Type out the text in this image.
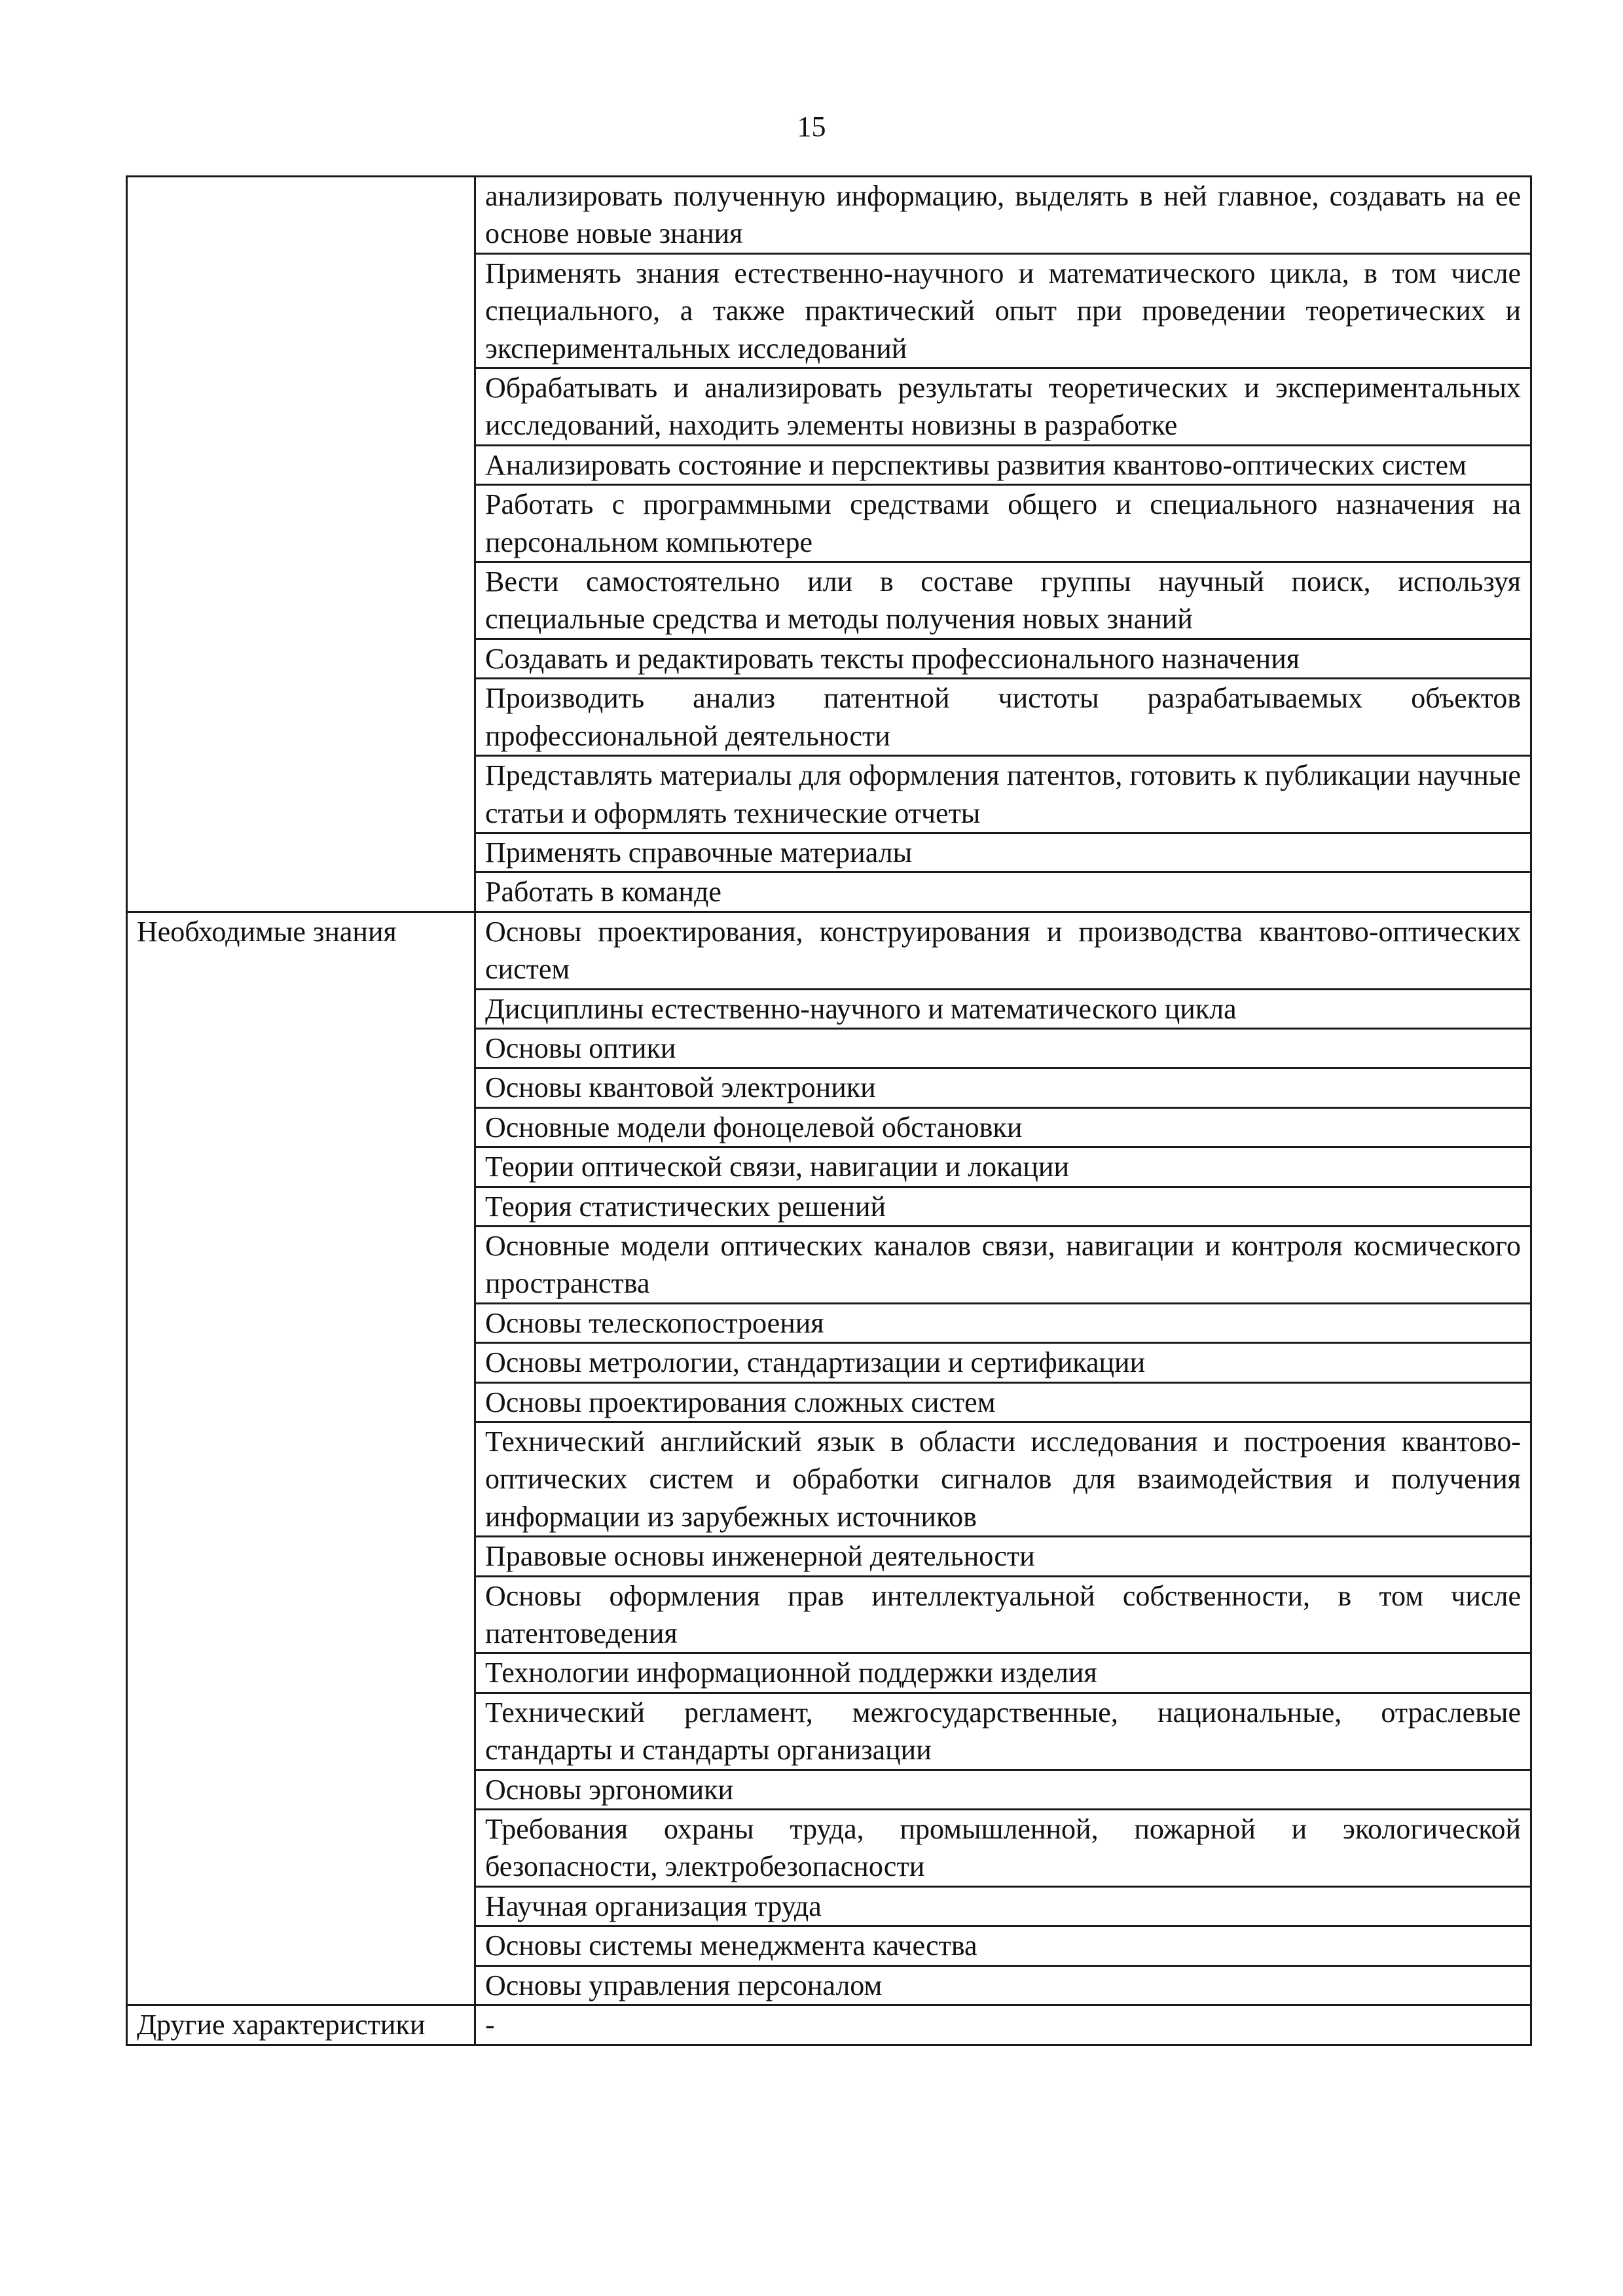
15

	анализировать полученную информацию, выделять в ней главное, создавать на ее основе новые знания

	Применять знания естественно-научного и математического цикла, в том числе специального, а также практический опыт при проведении теоретических и экспериментальных исследований

	Обрабатывать и анализировать результаты теоретических и экспериментальных исследований, находить элементы новизны в разработке

	Анализировать состояние и перспективы развития квантово-оптических систем

	Работать с программными средствами общего и специального назначения на персональном компьютере

	Вести самостоятельно или в составе группы научный поиск, используя специальные средства и методы получения новых знаний

	Создавать и редактировать тексты профессионального назначения

	Производить анализ патентной чистоты разрабатываемых объектов профессиональной деятельности

	Представлять материалы для оформления патентов, готовить к публикации научные статьи и оформлять технические отчеты

	Применять справочные материалы

	Работать в команде

Необходимые знания	Основы проектирования, конструирования и производства квантово-оптических систем

	Дисциплины естественно-научного и математического цикла

	Основы оптики

	Основы квантовой электроники

	Основные модели фоноцелевой обстановки

	Теории оптической связи, навигации и локации

	Теория статистических решений

	Основные модели оптических каналов связи, навигации и контроля космического пространства

	Основы телескопостроения

	Основы метрологии, стандартизации и сертификации

	Основы проектирования сложных систем

	Технический английский язык в области исследования и построения квантово-оптических систем и обработки сигналов для взаимодействия и получения информации из зарубежных источников

	Правовые основы инженерной деятельности

	Основы оформления прав интеллектуальной собственности, в том числе патентоведения

	Технологии информационной поддержки изделия

	Технический регламент, межгосударственные, национальные, отраслевые стандарты и стандарты организации

	Основы эргономики

	Требования охраны труда, промышленной, пожарной и экологической безопасности, электробезопасности

	Научная организация труда

	Основы системы менеджмента качества

	Основы управления персоналом

Другие характеристики	-
